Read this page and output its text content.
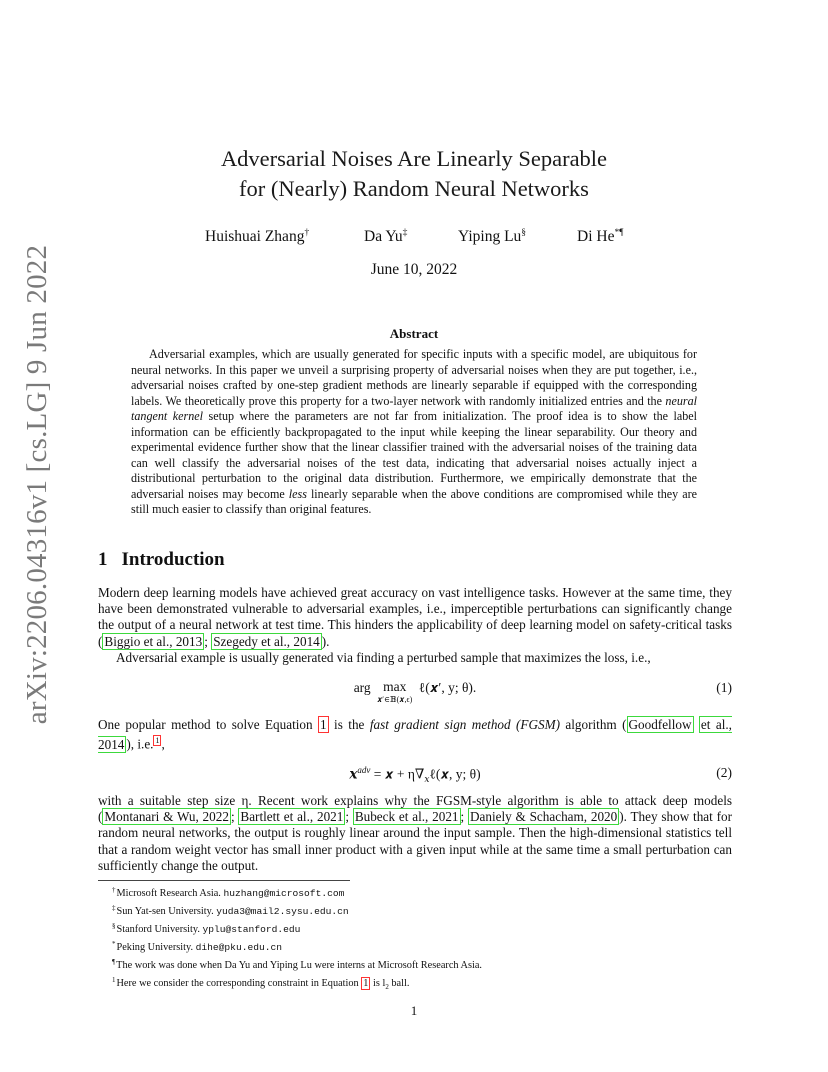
arXiv:2206.04316v1 [cs.LG] 9 Jun 2022
Adversarial Noises Are Linearly Separable
for (Nearly) Random Neural Networks
Huishuai Zhang†	Da Yu‡	Yiping Lu§	Di He*¶
June 10, 2022
Abstract

Adversarial examples, which are usually generated for specific inputs with a specific model, are ubiquitous for neural networks. In this paper we unveil a surprising property of adversarial noises when they are put together, i.e., adversarial noises crafted by one-step gradient methods are linearly separable if equipped with the corresponding labels. We theoretically prove this property for a two-layer network with randomly initialized entries and the neural tangent kernel setup where the parameters are not far from initialization. The proof idea is to show the label information can be efficiently backpropagated to the input while keeping the linear separability. Our theory and experimental evidence further show that the linear classifier trained with the adversarial noises of the training data can well classify the adversarial noises of the test data, indicating that adversarial noises actually inject a distributional perturbation to the original data distribution. Furthermore, we empirically demonstrate that the adversarial noises may become less linearly separable when the above conditions are compromised while they are still much easier to classify than original features.

1 Introduction

Modern deep learning models have achieved great accuracy on vast intelligence tasks. However at the same time, they have been demonstrated vulnerable to adversarial examples, i.e., imperceptible perturbations can significantly change the output of a neural network at test time. This hinders the applicability of deep learning model on safety-critical tasks ( Biggio et al., 2013 ; Szegedy et al., 2014 ).

Adversarial example is usually generated via finding a perturbed sample that maximizes the loss, i.e.,

arg max
𝒙′∈𝔹(𝒙,ϵ)
ℓ(𝒙′, y; θ).	(1)

One popular method to solve Equation 1 is the fast gradient sign method (FGSM) algorithm ( Goodfellow et al., 2014 ), i.e. $^1$ ,

𝒙$^{adv}$ = 𝒙 + $\eta\nabla_𝑥\ell(𝒙$, y; θ)	(2)

with a suitable step size η. Recent work explains why the FGSM-style algorithm is able to attack deep models ( Montanari & Wu, 2022 ; Bartlett et al., 2021 ; Bubeck et al., 2021 ; Daniely & Schacham, 2020 ). They show that for random neural networks, the output is roughly linear around the input sample. Then the high-dimensional statistics tell that a random weight vector has small inner product with a given input while at the same time a small perturbation can sufficiently change the output.

†Microsoft Research Asia. huzhang@microsoft.com
‡Sun Yat-sen University. yuda3@mail2.sysu.edu.cn
§Stanford University. yplu@stanford.edu
*Peking University. dihe@pku.edu.cn
¶The work was done when Da Yu and Yiping Lu were interns at Microsoft Research Asia.
$^1$Here we consider the corresponding constraint in Equation 1 is $l_2$ ball.
1
